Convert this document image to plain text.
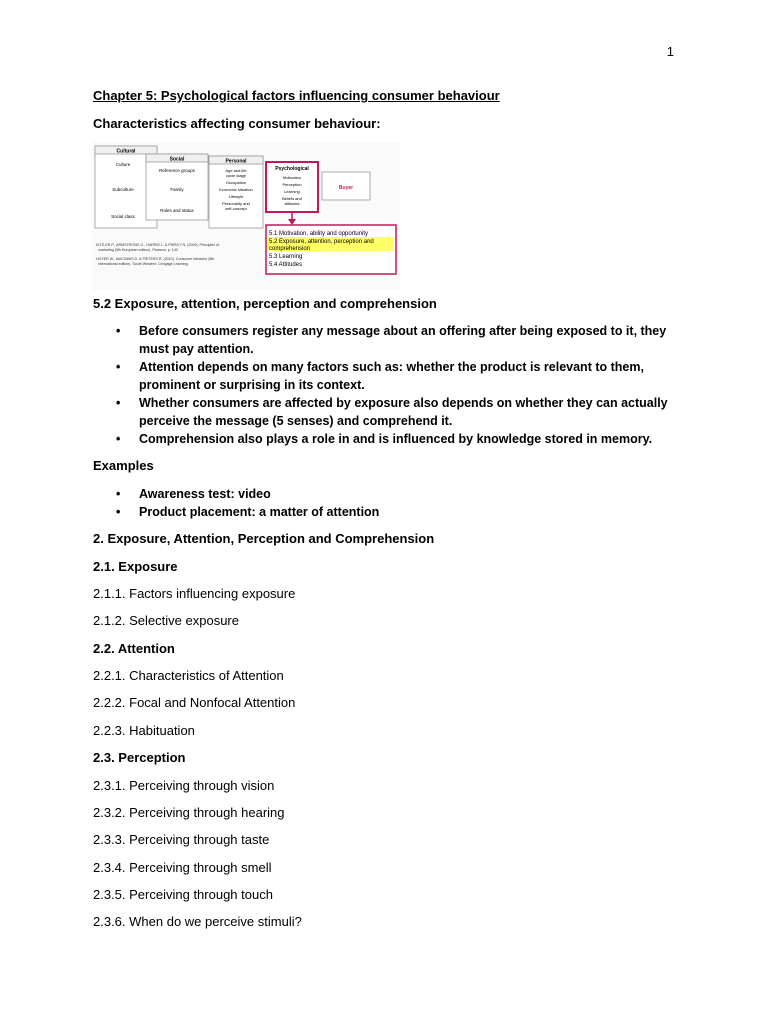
1
Chapter 5: Psychological factors influencing consumer behaviour
Characteristics affecting consumer behaviour:
Cultural
Culture
Subculture
Social class
Social
Reference groups
Family
Roles and status
Personal
Age and life
cycle stage
Occupation
Economic situation
Lifestyle
Personality and
self-concept
Psychological
Motivation
Perception
Learning
Beliefs and
attitudes
Buyer
KOTLER P., ARMSTRONG G., HARRIS L. & PIERCY N. (2009). Principles of
marketing (5th European edition). Pearson, p. 140
HOYER W., MACINNIS D. & PIETERS R. (2010). Consumer behavior (5th
international edition). South Western: Cengage Learning.
5.1 Motivation, ability and opportunity
5.2 Exposure, attention, perception and
comprehension
5.3 Learning
5.4 Attitudes
5.2 Exposure, attention, perception and comprehension
• Before consumers register any message about an offering after being exposed to it, they
must pay attention.
• Attention depends on many factors such as: whether the product is relevant to them,
prominent or surprising in its context.
• Whether consumers are affected by exposure also depends on whether they can actually
perceive the message (5 senses) and comprehend it.
• Comprehension also plays a role in and is influenced by knowledge stored in memory.
Examples
• Awareness test: video
• Product placement: a matter of attention
2. Exposure, Attention, Perception and Comprehension
2.1. Exposure
2.1.1. Factors influencing exposure
2.1.2. Selective exposure
2.2. Attention
2.2.1. Characteristics of Attention
2.2.2. Focal and Nonfocal Attention
2.2.3. Habituation
2.3. Perception
2.3.1. Perceiving through vision
2.3.2. Perceiving through hearing
2.3.3. Perceiving through taste
2.3.4. Perceiving through smell
2.3.5. Perceiving through touch
2.3.6. When do we perceive stimuli?
